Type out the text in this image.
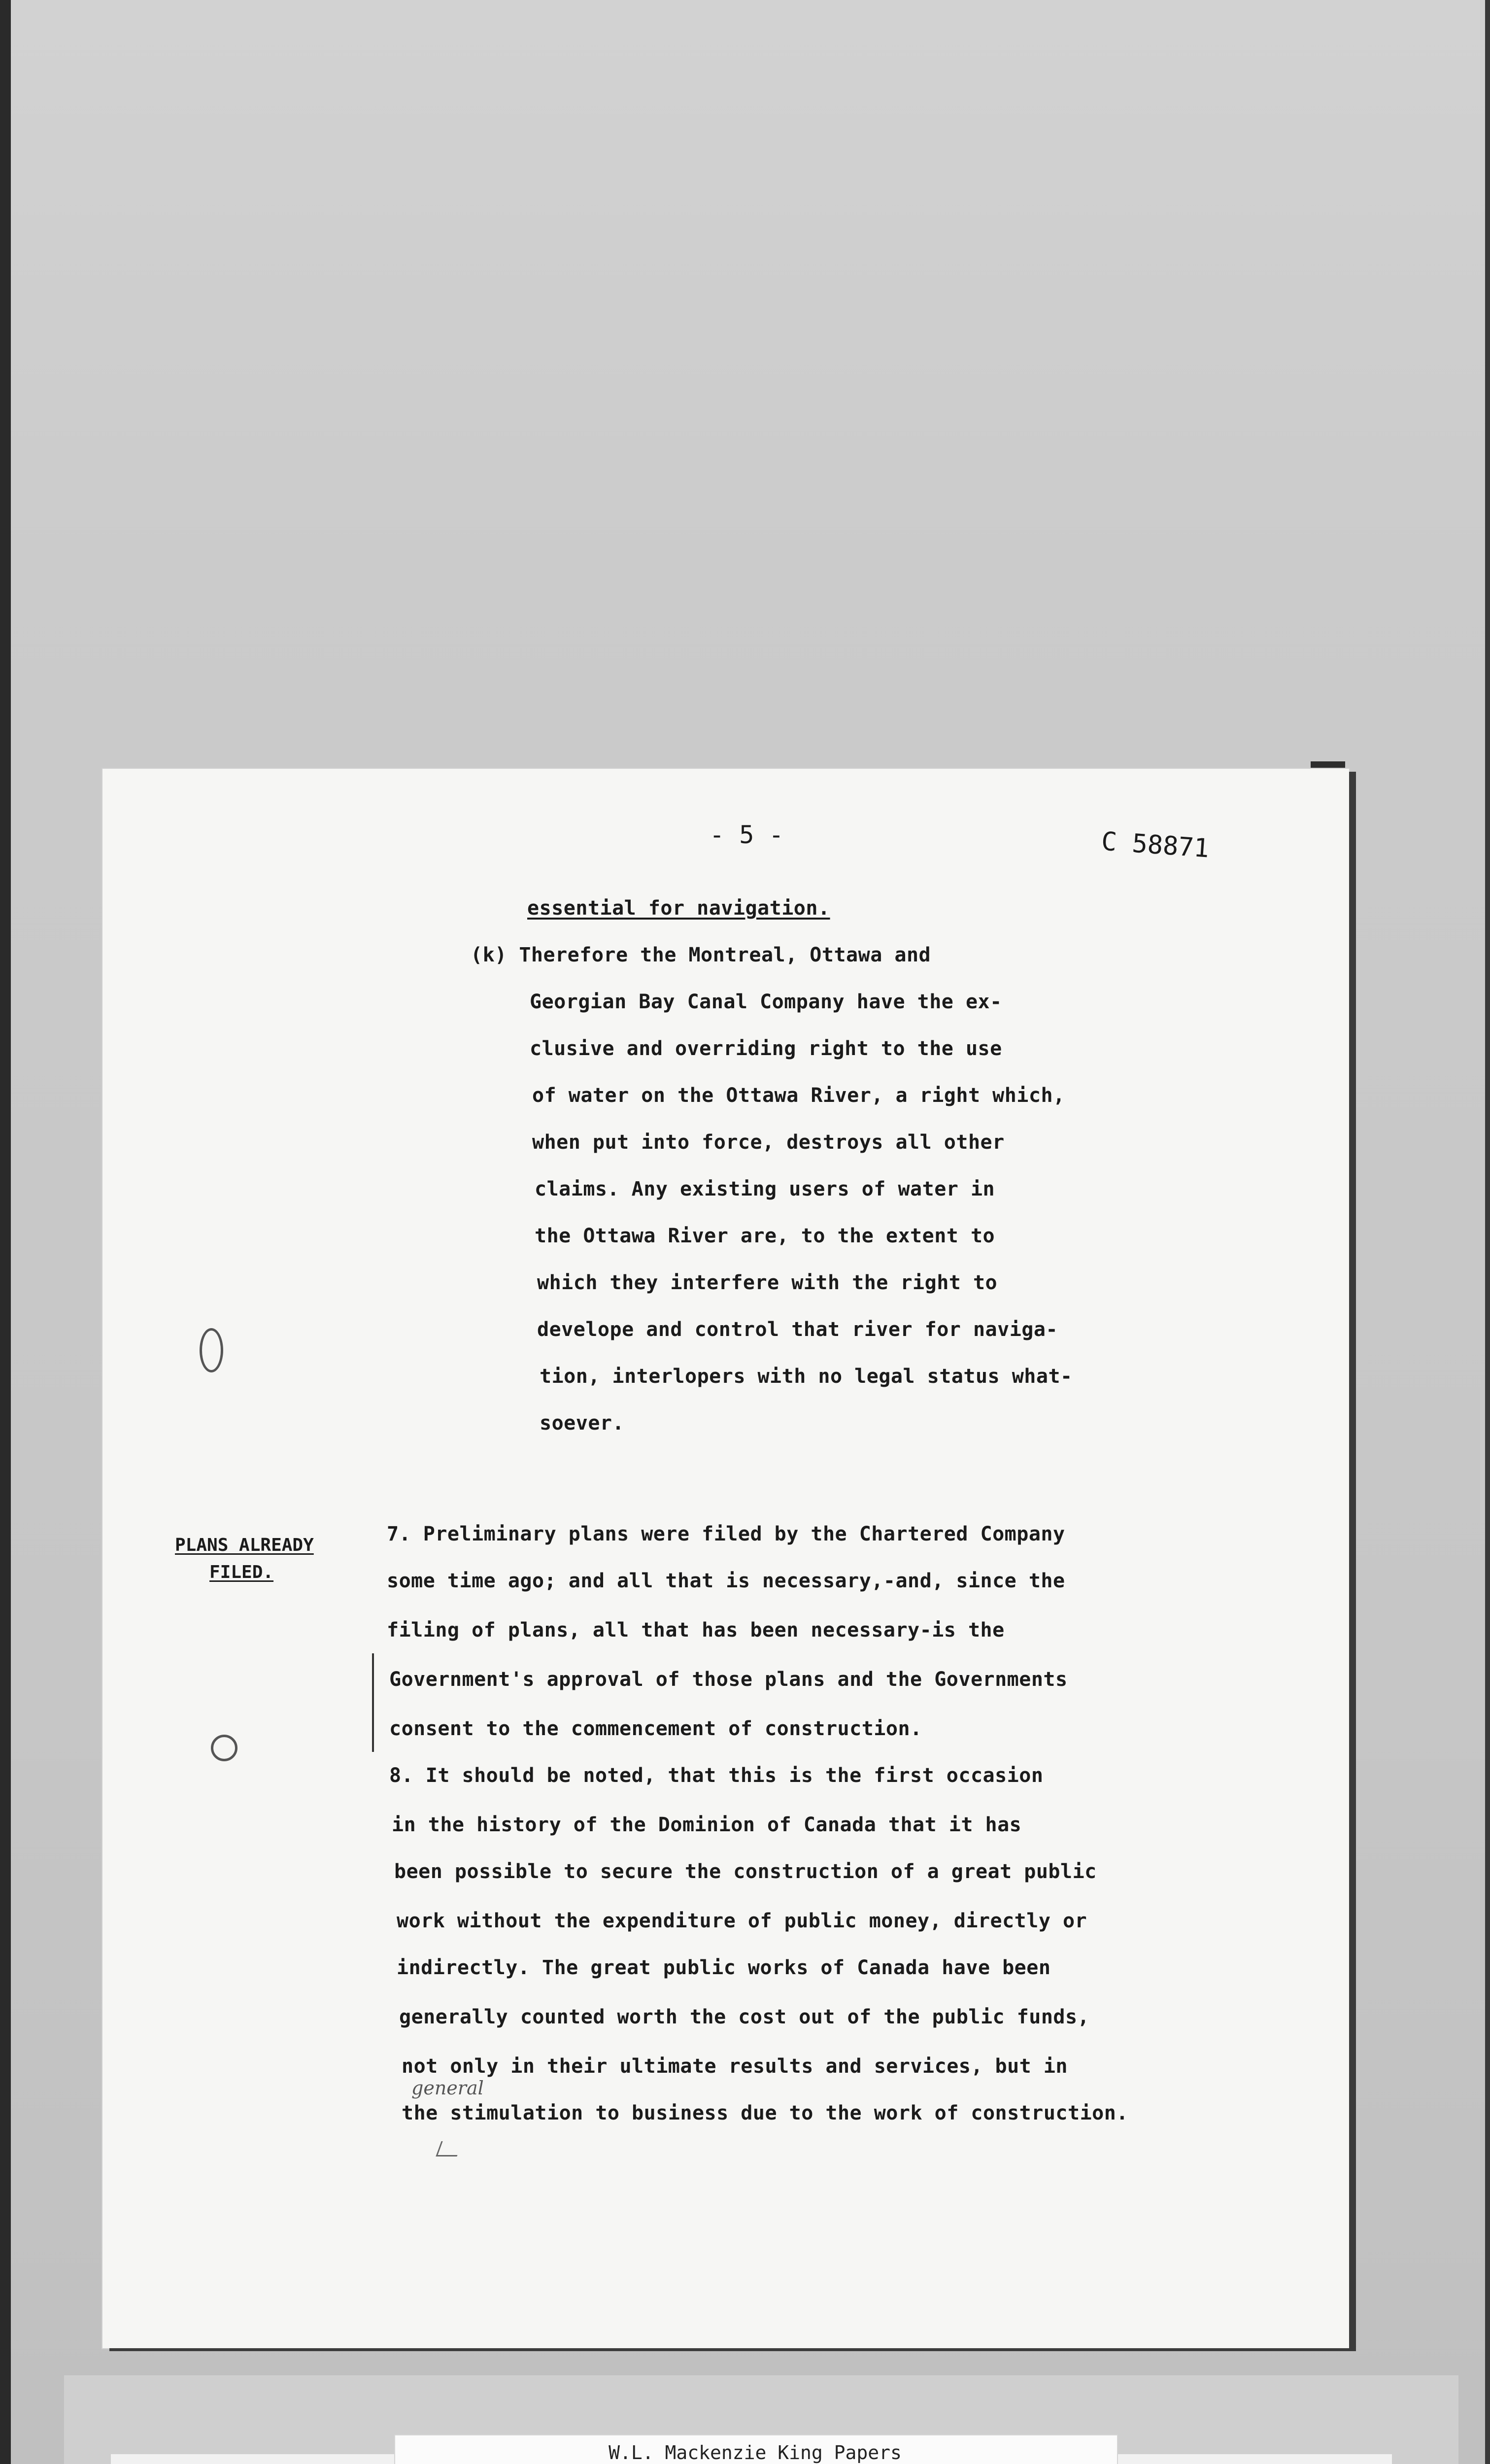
- 5 -	C 58871
essential for navigation.
(k) Therefore the Montreal, Ottawa and
Georgian Bay Canal Company have the ex-
clusive and overriding right to the use
of water on the Ottawa River, a right which,
when put into force, destroys all other
claims. Any existing users of water in
the Ottawa River are, to the extent to
which they interfere with the right to
develope and control that river for naviga-
tion, interlopers with no legal status what-
soever.
PLANS ALREADY
FILED.
7. Preliminary plans were filed by the Chartered Company
some time ago; and all that is necessary,-and, since the
filing of plans, all that has been necessary-is the
Government's approval of those plans and the Governments
consent to the commencement of construction.
8. It should be noted, that this is the first occasion
in the history of the Dominion of Canada that it has
been possible to secure the construction of a great public
work without the expenditure of public money, directly or
indirectly. The great public works of Canada have been
generally counted worth the cost out of the public funds,
not only in their ultimate results and services, but in
the stimulation to business due to the work of construction.
general
W.L. Mackenzie King Papers
